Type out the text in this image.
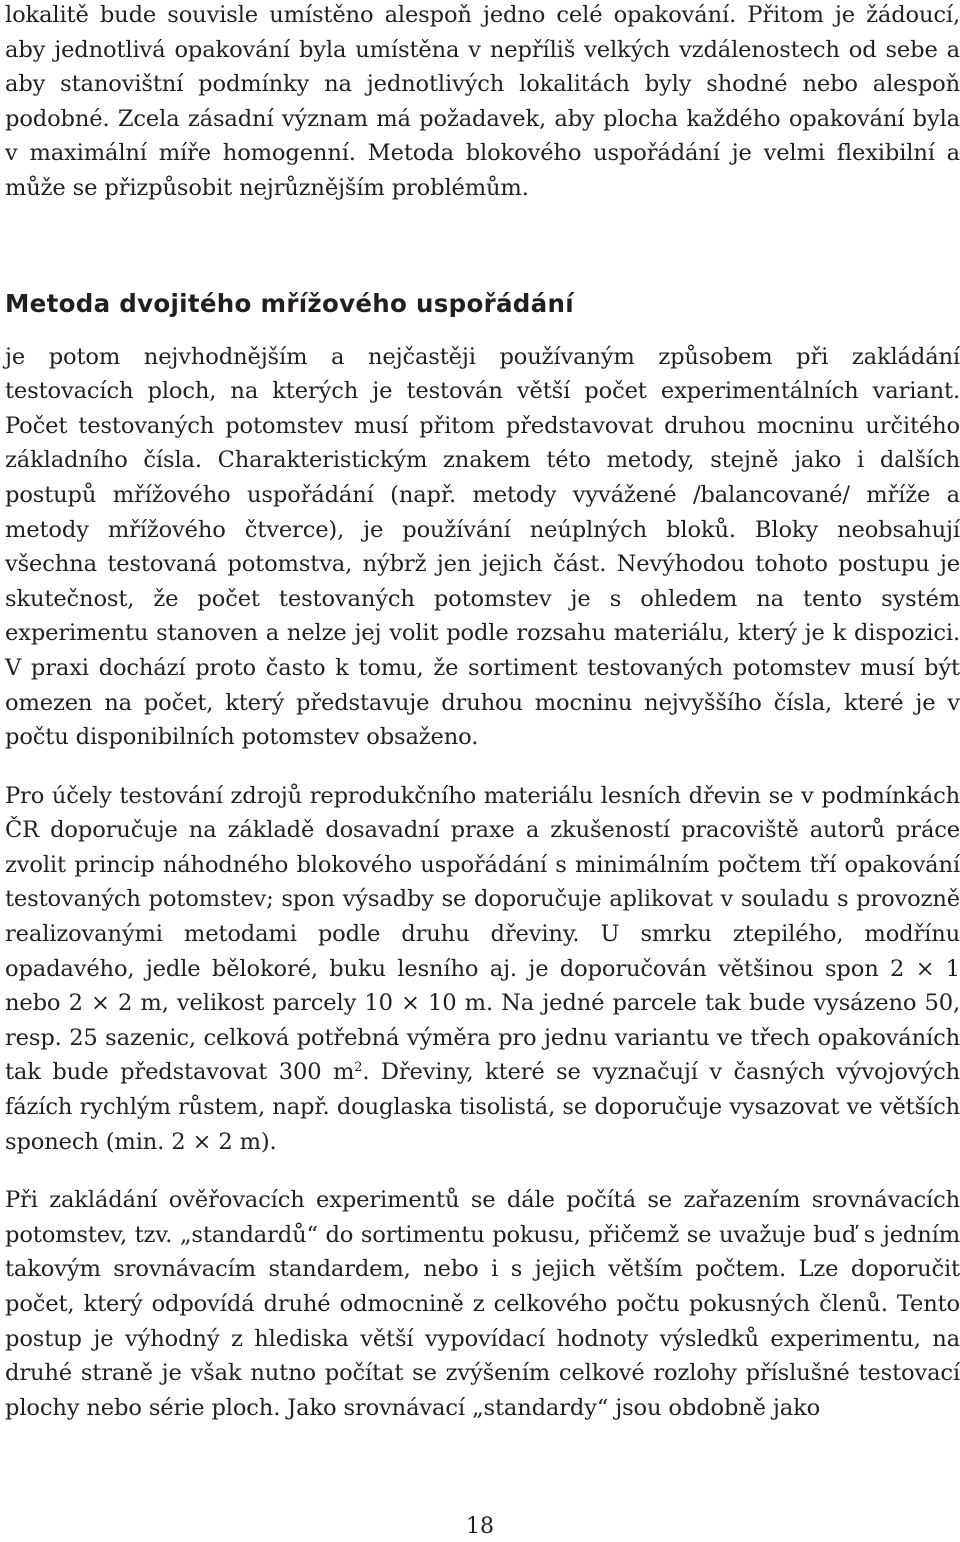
lokalitě bude souvisle umístěno alespoň jedno celé opakování. Přitom je žádoucí, aby jednotlivá opakování byla umístěna v nepříliš velkých vzdálenostech od sebe a aby stanovištní podmínky na jednotlivých lokalitách byly shodné nebo alespoň podobné. Zcela zásadní význam má požadavek, aby plocha každého opakování byla v maximální míře homogenní. Metoda blokového uspořádání je velmi flexibilní a může se přizpůsobit nejrůznějším problémům.

Metoda dvojitého mřížového uspořádání

je potom nejvhodnějším a nejčastěji používaným způsobem při zakládání testovacích ploch, na kterých je testován větší počet experimentálních variant. Počet testovaných potomstev musí přitom představovat druhou mocninu určitého základního čísla. Charakteristickým znakem této metody, stejně jako i dalších postupů mřížového uspořádání (např. metody vyvážené /balancované/ mříže a metody mřížového čtverce), je používání neúplných bloků. Bloky neobsahují všechna testovaná potomstva, nýbrž jen jejich část. Nevýhodou tohoto postupu je skutečnost, že počet testovaných potomstev je s ohledem na tento systém experimentu stanoven a nelze jej volit podle rozsahu materiálu, který je k dispozici. V praxi dochází proto často k tomu, že sortiment testovaných potomstev musí být omezen na počet, který představuje druhou mocninu nejvyššího čísla, které je v počtu disponibilních potomstev obsaženo.

Pro účely testování zdrojů reprodukčního materiálu lesních dřevin se v podmínkách ČR doporučuje na základě dosavadní praxe a zkušeností pracoviště autorů práce zvolit princip náhodného blokového uspořádání s minimálním počtem tří opakování testovaných potomstev; spon výsadby se doporučuje aplikovat v souladu s provozně realizovanými metodami podle druhu dřeviny. U smrku ztepilého, modřínu opadavého, jedle bělokoré, buku lesního aj. je doporučován většinou spon 2 × 1 nebo 2 × 2 m, velikost parcely 10 × 10 m. Na jedné parcele tak bude vysázeno 50, resp. 25 sazenic, celková potřebná výměra pro jednu variantu ve třech opakováních tak bude představovat 300 $m^2$. Dřeviny, které se vyznačují v časných vývojových fázích rychlým růstem, např. douglaska tisolistá, se doporučuje vysazovat ve větších sponech (min. 2 × 2 m).

Při zakládání ověřovacích experimentů se dále počítá se zařazením srovnávacích potomstev, tzv. „standardů“ do sortimentu pokusu, přičemž se uvažuje buď s jedním takovým srovnávacím standardem, nebo i s jejich větším počtem. Lze doporučit počet, který odpovídá druhé odmocnině z celkového počtu pokusných členů. Tento postup je výhodný z hlediska větší vypovídací hodnoty výsledků experimentu, na druhé straně je však nutno počítat se zvýšením celkové rozlohy příslušné testovací plochy nebo série ploch. Jako srovnávací „standardy“ jsou obdobně jako

18
